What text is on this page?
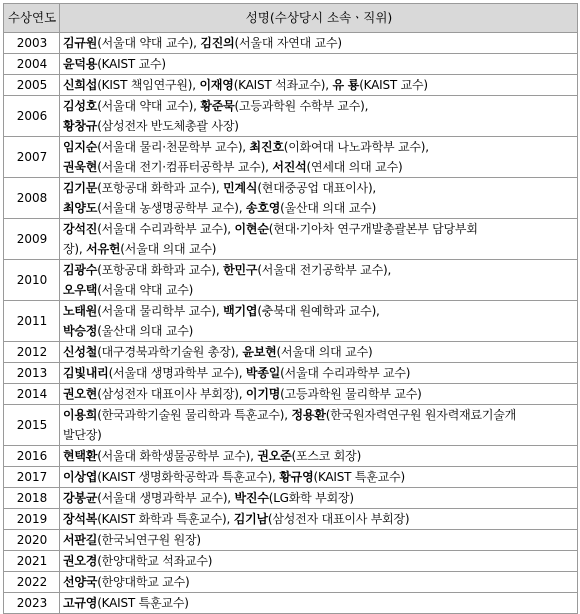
수상연도	성명(수상당시 소속ㆍ직위)
2003	김규원(서울대 약대 교수), 김진의(서울대 자연대 교수)

2004	윤덕용(KAIST 교수)

2005	신희섭(KIST 책임연구원), 이재영(KAIST 석좌교수), 유 룡(KAIST 교수)

2006	김성호(서울대 약대 교수), 황준묵(고등과학원 수학부 교수),
황창규(삼성전자 반도체총괄 사장)

2007	임지순(서울대 물리·천문학부 교수), 최진호(이화여대 나노과학부 교수),
권욱현(서울대 전기·컴퓨터공학부 교수), 서진석(연세대 의대 교수)

2008	김기문(포항공대 화학과 교수), 민계식(현대중공업 대표이사),
최양도(서울대 농생명공학부 교수), 송호영(울산대 의대 교수)

2009	강석진(서울대 수리과학부 교수), 이현순(현대·기아차 연구개발총괄본부 담당부회
장), 서유헌(서울대 의대 교수)

2010	김광수(포항공대 화학과 교수), 한민구(서울대 전기공학부 교수),
오우택(서울대 약대 교수)

2011	노태원(서울대 물리학부 교수), 백기엽(충북대 원예학과 교수),
박승정(울산대 의대 교수)

2012	신성철(대구경북과학기술원 총장), 윤보현(서울대 의대 교수)

2013	김빛내리(서울대 생명과학부 교수), 박종일(서울대 수리과학부 교수)

2014	권오현(삼성전자 대표이사 부회장), 이기명(고등과학원 물리학부 교수)

2015	이용희(한국과학기술원 물리학과 특훈교수), 정용환(한국원자력연구원 원자력재료기술개
발단장)

2016	현택환(서울대 화학생물공학부 교수), 권오준(포스코 회장)

2017	이상엽(KAIST 생명화학공학과 특훈교수), 황규영(KAIST 특훈교수)

2018	강봉균(서울대 생명과학부 교수), 박진수(LG화학 부회장)

2019	장석복(KAIST 화학과 특훈교수), 김기남(삼성전자 대표이사 부회장)

2020	서판길(한국뇌연구원 원장)

2021	권오경(한양대학교 석좌교수)

2022	선양국(한양대학교 교수)

2023	고규영(KAIST 특훈교수)
